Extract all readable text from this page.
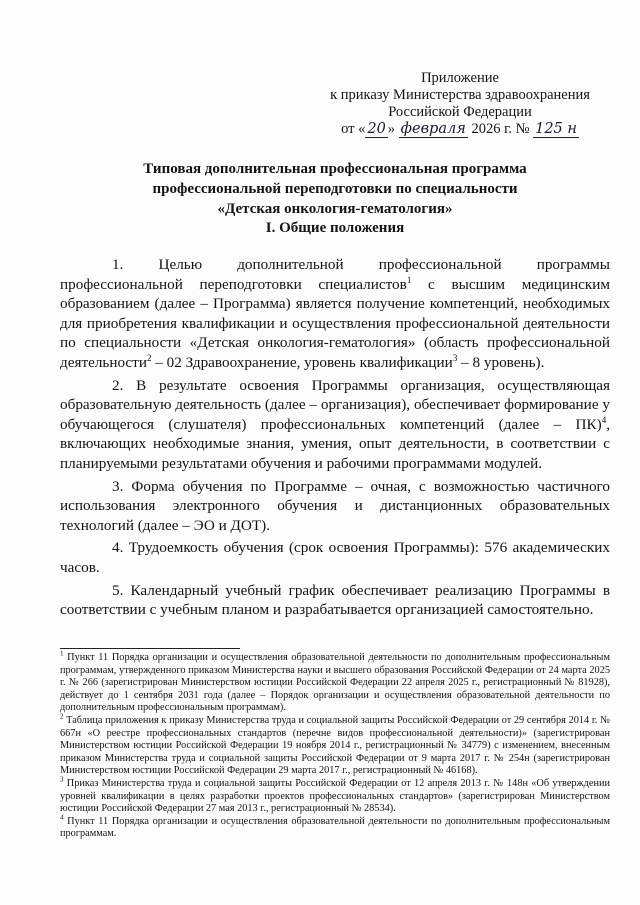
Приложение
к приказу Министерства здравоохранения
Российской Федерации
от « 20 » февраля 2026 г. № 125 н
Типовая дополнительная профессиональная программа
профессиональной переподготовки по специальности
«Детская онкология-гематология»
I. Общие положения

1. Целью дополнительной профессиональной программы профессиональной переподготовки специалистов$^1$ с высшим медицинским образованием (далее – Программа) является получение компетенций, необходимых для приобретения квалификации и осуществления профессиональной деятельности по специальности «Детская онкология-гематология» (область профессиональной деятельности$^2$ – 02 Здравоохранение, уровень квалификации$^3$ – 8 уровень).

2. В результате освоения Программы организация, осуществляющая образовательную деятельность (далее – организация), обеспечивает формирование у обучающегося (слушателя) профессиональных компетенций (далее – ПК)$^4$, включающих необходимые знания, умения, опыт деятельности, в соответствии с планируемыми результатами обучения и рабочими программами модулей.

3. Форма обучения по Программе – очная, с возможностью частичного использования электронного обучения и дистанционных образовательных технологий (далее – ЭО и ДОТ).

4. Трудоемкость обучения (срок освоения Программы): 576 академических часов.

5. Календарный учебный график обеспечивает реализацию Программы в соответствии с учебным планом и разрабатывается организацией самостоятельно.

$^1$ Пункт 11 Порядка организации и осуществления образовательной деятельности по дополнительным профессиональным программам, утвержденного приказом Министерства науки и высшего образования Российской Федерации от 24 марта 2025 г. № 266 (зарегистрирован Министерством юстиции Российской Федерации 22 апреля 2025 г., регистрационный № 81928), действует до 1 сентября 2031 года (далее – Порядок организации и осуществления образовательной деятельности по дополнительным профессиональным программам).

$^2$ Таблица приложения к приказу Министерства труда и социальной защиты Российской Федерации от 29 сентября 2014 г. № 667н «О реестре профессиональных стандартов (перечне видов профессиональной деятельности)» (зарегистрирован Министерством юстиции Российской Федерации 19 ноября 2014 г., регистрационный № 34779) с изменением, внесенным приказом Министерства труда и социальной защиты Российской Федерации от 9 марта 2017 г. № 254н (зарегистрирован Министерством юстиции Российской Федерации 29 марта 2017 г., регистрационный № 46168).

$^3$ Приказ Министерства труда и социальной защиты Российской Федерации от 12 апреля 2013 г. № 148н «Об утверждении уровней квалификации в целях разработки проектов профессиональных стандартов» (зарегистрирован Министерством юстиции Российской Федерации 27 мая 2013 г., регистрационный № 28534).

$^4$ Пункт 11 Порядка организации и осуществления образовательной деятельности по дополнительным профессиональным программам.
